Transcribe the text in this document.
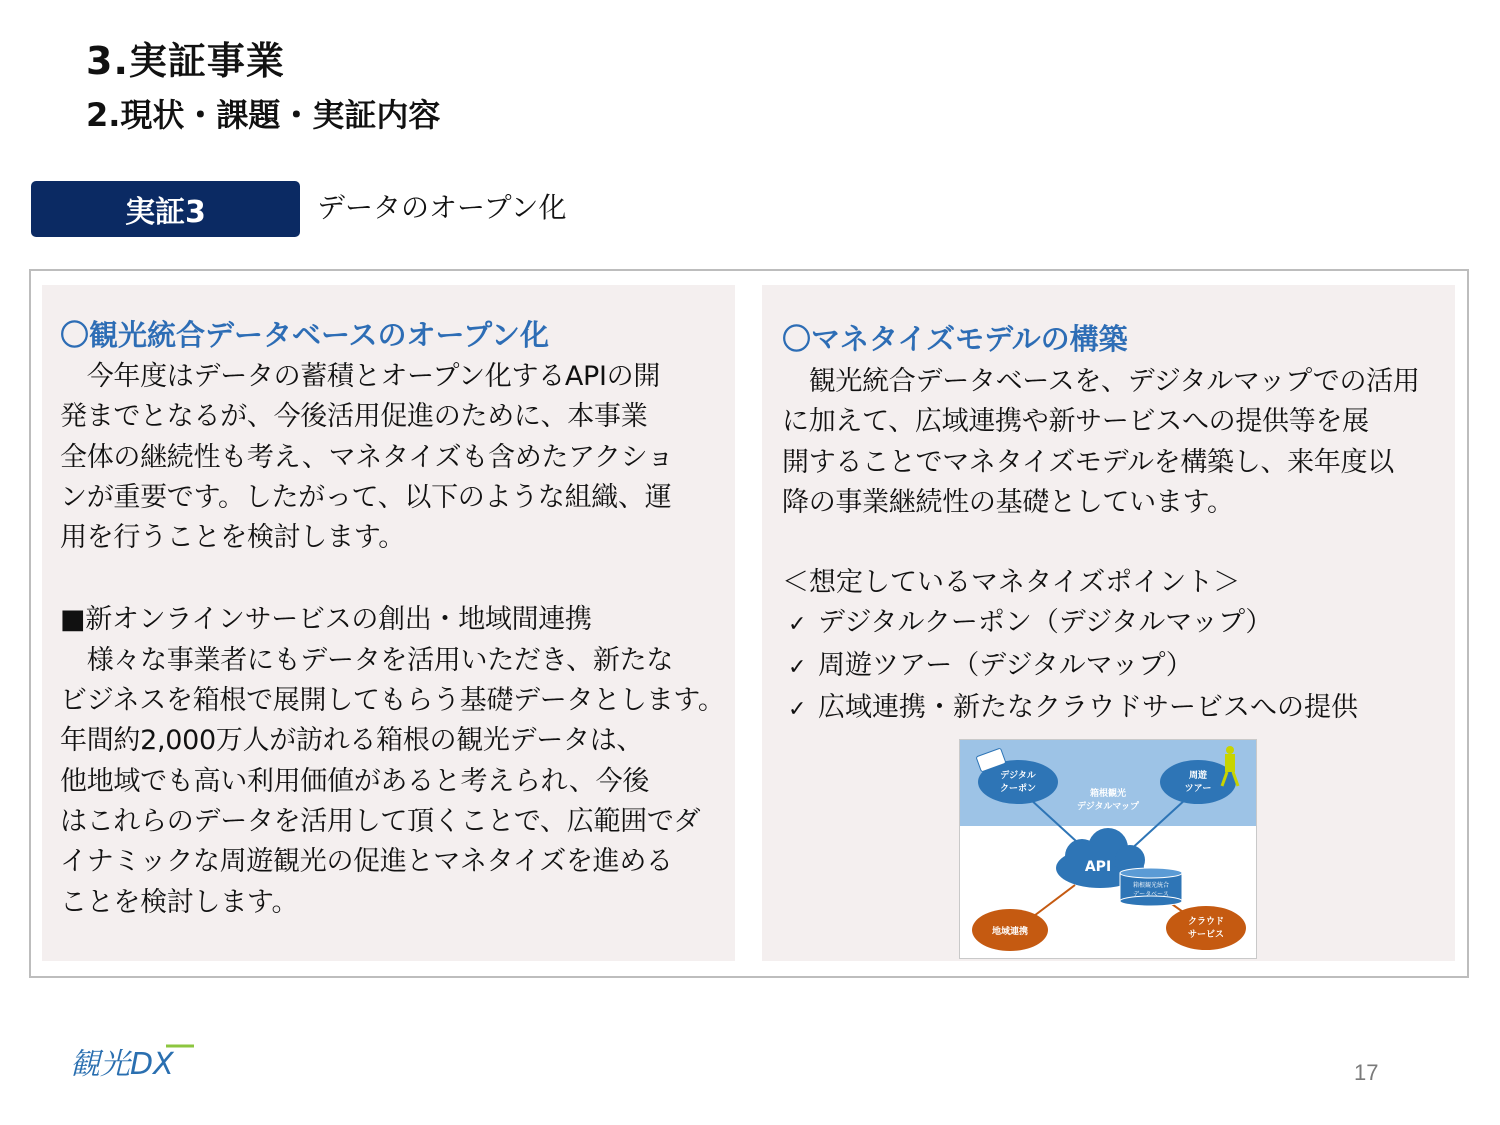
3.実証事業
2.現状・課題・実証内容
実証3	データのオープン化
〇観光統合データベースのオープン化
　今年度はデータの蓄積とオープン化するAPIの開
発までとなるが、今後活用促進のために、本事業
全体の継続性も考え、マネタイズも含めたアクショ
ンが重要です。したがって、以下のような組織、運
用を行うことを検討します。
■新オンラインサービスの創出・地域間連携
　様々な事業者にもデータを活用いただき、新たな
ビジネスを箱根で展開してもらう基礎データとします。
年間約2,000万人が訪れる箱根の観光データは、
他地域でも高い利用価値があると考えられ、今後
はこれらのデータを活用して頂くことで、広範囲でダ
イナミックな周遊観光の促進とマネタイズを進める
ことを検討します。
〇マネタイズモデルの構築
　観光統合データベースを、デジタルマップでの活用
に加えて、広域連携や新サービスへの提供等を展
開することでマネタイズモデルを構築し、来年度以
降の事業継続性の基礎としています。
＜想定しているマネタイズポイント＞
✓ デジタルクーポン（デジタルマップ）
✓ 周遊ツアー（デジタルマップ）
✓ 広域連携・新たなクラウドサービスへの提供
デジタル
クーポン
周遊
ツアー
箱根観光
デジタルマップ
API
箱根観光統合
データベース
地域連携
クラウド
サービス
観光DX	17
